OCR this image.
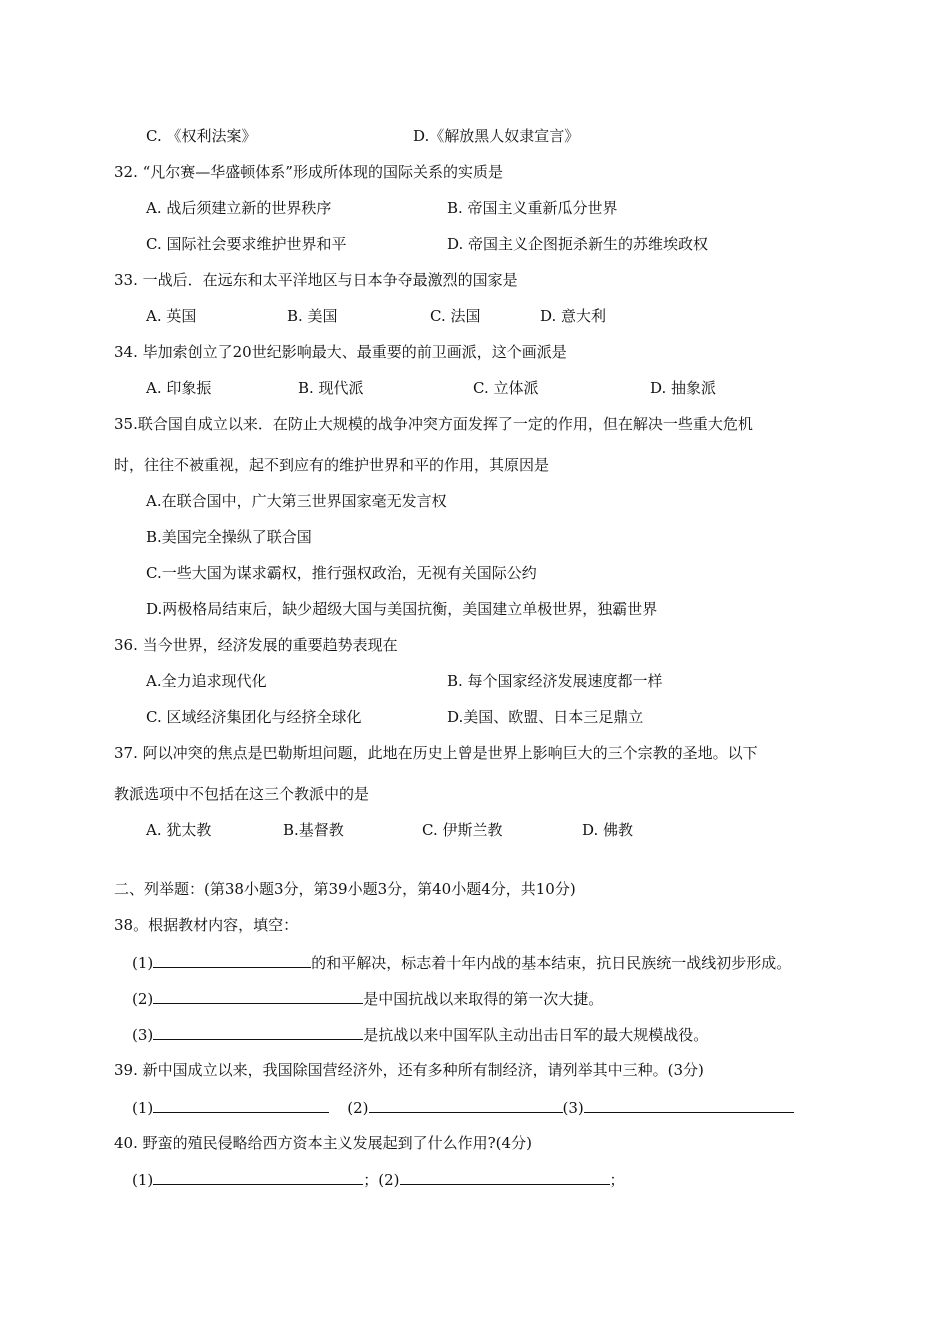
C. 《权利法案》	D.《解放黑人奴隶宣言》
32. “凡尔赛—华盛顿体系”形成所体现的国际关系的实质是
A. 战后须建立新的世界秩序	B. 帝国主义重新瓜分世界
C. 国际社会要求维护世界和平	D. 帝国主义企图扼杀新生的苏维埃政权
33. 一战后．在远东和太平洋地区与日本争夺最激烈的国家是
A. 英国	B. 美国	C. 法国	D. 意大利
34. 毕加索创立了20世纪影响最大、最重要的前卫画派，这个画派是
A. 印象振	B. 现代派	C. 立体派	D. 抽象派
35.联合国自成立以来．在防止大规模的战争冲突方面发挥了一定的作用，但在解决一些重大危机
时，往往不被重视，起不到应有的维护世界和平的作用，其原因是
A.在联合国中，广大第三世界国家毫无发言权
B.美国完全操纵了联合国
C.一些大国为谋求霸权，推行强权政治，无视有关国际公约
D.两极格局结束后，缺少超级大国与美国抗衡，美国建立单极世界，独霸世界
36. 当今世界，经济发展的重要趋势表现在
A.全力追求现代化	B. 每个国家经济发展速度都一样
C. 区域经济集团化与经挤全球化	D.美国、欧盟、日本三足鼎立
37. 阿以冲突的焦点是巴勒斯坦问题，此地在历史上曾是世界上影响巨大的三个宗教的圣地。以下
教派选项中不包括在这三个教派中的是
A. 犹太教	B.基督教	C. 伊斯兰教	D. 佛教
二、列举题：(第38小题3分，第39小题3分，第40小题4分，共10分)
38。根据教材内容，填空：
(1)	的和平解决，标志着十年内战的基本结束，抗日民族统一战线初步形成。
(2)	是中国抗战以来取得的第一次大捷。
(3)	是抗战以来中国军队主动出击日军的最大规模战役。
39. 新中国成立以来，我国除国营经济外，还有多种所有制经济，请列举其中三种。(3分)
(1)	(2)	(3)
40. 野蛮的殖民侵略给西方资本主义发展起到了什么作用?(4分)
(1)	；(2)	；
